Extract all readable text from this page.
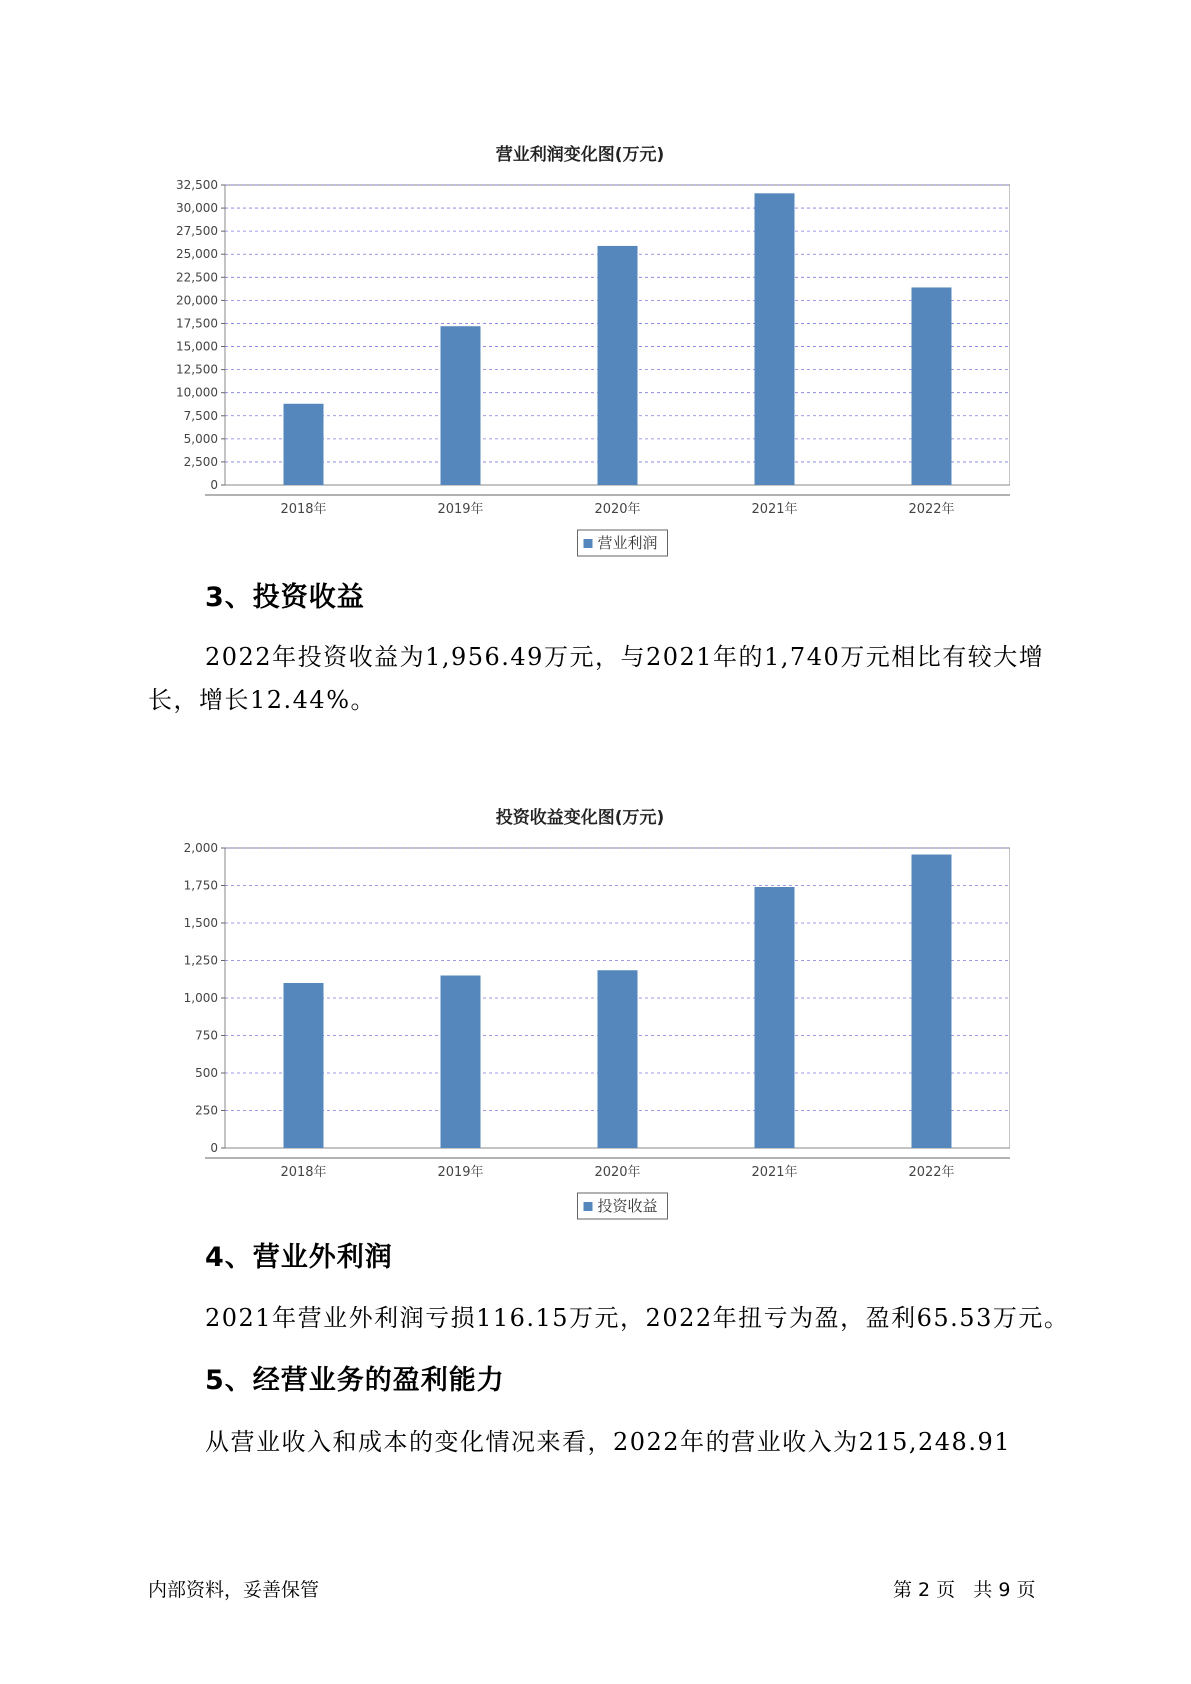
营业利润变化图(万元)
0
2,500
5,000
7,500
10,000
12,500
15,000
17,500
20,000
22,500
25,000
27,500
30,000
32,500
2018年	2019年	2020年	2021年	2022年
营业利润
3、投资收益
2022年投资收益为1,956.49万元，与2021年的1,740万元相比有较大增
长，增长12.44%。
投资收益变化图(万元)
0
250
500
750
1,000
1,250
1,500
1,750
2,000
2018年	2019年	2020年	2021年	2022年
投资收益
4、营业外利润
2021年营业外利润亏损116.15万元，2022年扭亏为盈，盈利65.53万元。
5、经营业务的盈利能力
从营业收入和成本的变化情况来看，2022年的营业收入为215,248.91
内部资料，妥善保管	第 2 页   共 9 页
